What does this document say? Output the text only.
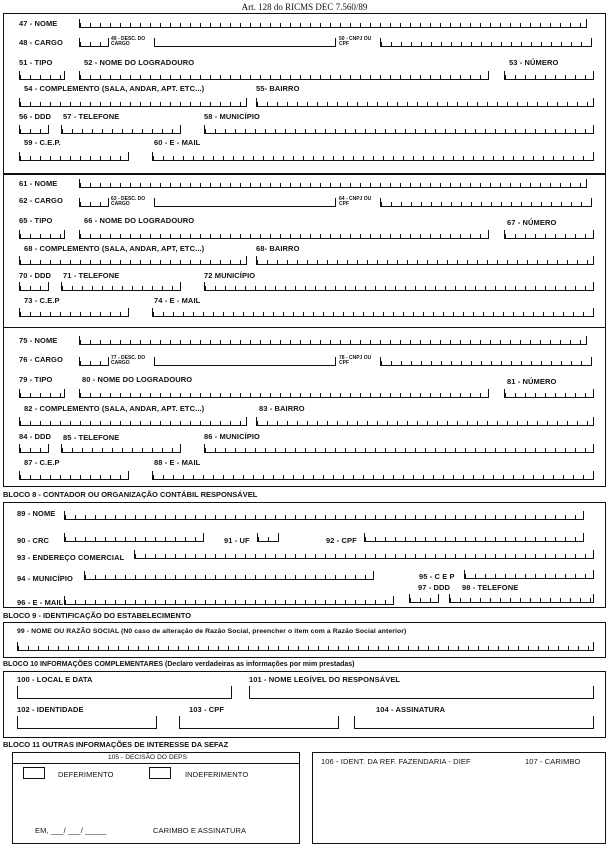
Art. 128 do RICMS DEC 7.560/89
47 - NOME
48 - CARGO	49 - DESC. DO CARGO
50 - CNPJ OU CPF
51 - TIPO	52 - NOME DO LOGRADOURO	53 - NÚMERO
54 - COMPLEMENTO (SALA, ANDAR, APT. ETC...)	55- BAIRRO
56 - DDD 57 - TELEFONE	58 - MUNICÍPIO
59 - C.E.P.	60 - E - MAIL
61 - NOME
62 - CARGO	63 - DESC. DO CARGO
64 - CNPJ OU CPF
65 - TIPO	66 - NOME DO LOGRADOURO	67 - NÚMERO
68 - COMPLEMENTO (SALA, ANDAR, APT, ETC...)	68- BAIRRO
70 - DDD 71 - TELEFONE	72 MUNICÍPIO
73 - C.E.P	74 - E - MAIL
75 - NOME
76 - CARGO	77 - DESC. DO CARGO
78 - CNPJ OU CPF
79 - TIPO	80 - NOME DO LOGRADOURO	81 - NÚMERO
82 - COMPLEMENTO (SALA, ANDAR, APT. ETC...)	83 - BAIRRO
84 - DDD 85 - TELEFONE	86 - MUNICÍPIO
87 - C.E.P	88 - E - MAIL
BLOCO 8 - CONTADOR OU ORGANIZAÇÃO CONTÁBIL RESPONSÁVEL
89 - NOME
90 - CRC	91 - UF	92 - CPF
93 - ENDEREÇO COMERCIAL
94 - MUNICÍPIO	95 - C E P
97 - DDD 98 - TELEFONE
96 - E - MAIL
BLOCO 9 - IDENTIFICAÇÃO DO ESTABELECIMENTO
99 - NOME OU RAZÃO SOCIAL (N0 caso de alteração de Razão Social, preencher o item com a Razão Social anterior)
BLOCO 10 INFORMAÇÕES COMPLEMENTARES (Declaro verdadeiras as informações por mim prestadas)
100 - LOCAL E DATA	101 - NOME LEGÍVEL DO RESPONSÁVEL
102 - IDENTIDADE	103 - CPF	104 - ASSINATURA
BLOCO 11 OUTRAS INFORMAÇÕES DE INTERESSE DA SEFAZ
105 - DECISÃO DO DEPS
DEFERIMENTO	INDEFERIMENTO
EM, ___/ ___/ _____	CARIMBO E ASSINATURA
106 - IDENT. DA REF. FAZENDARIA - DIEF	107 - CARIMBO
